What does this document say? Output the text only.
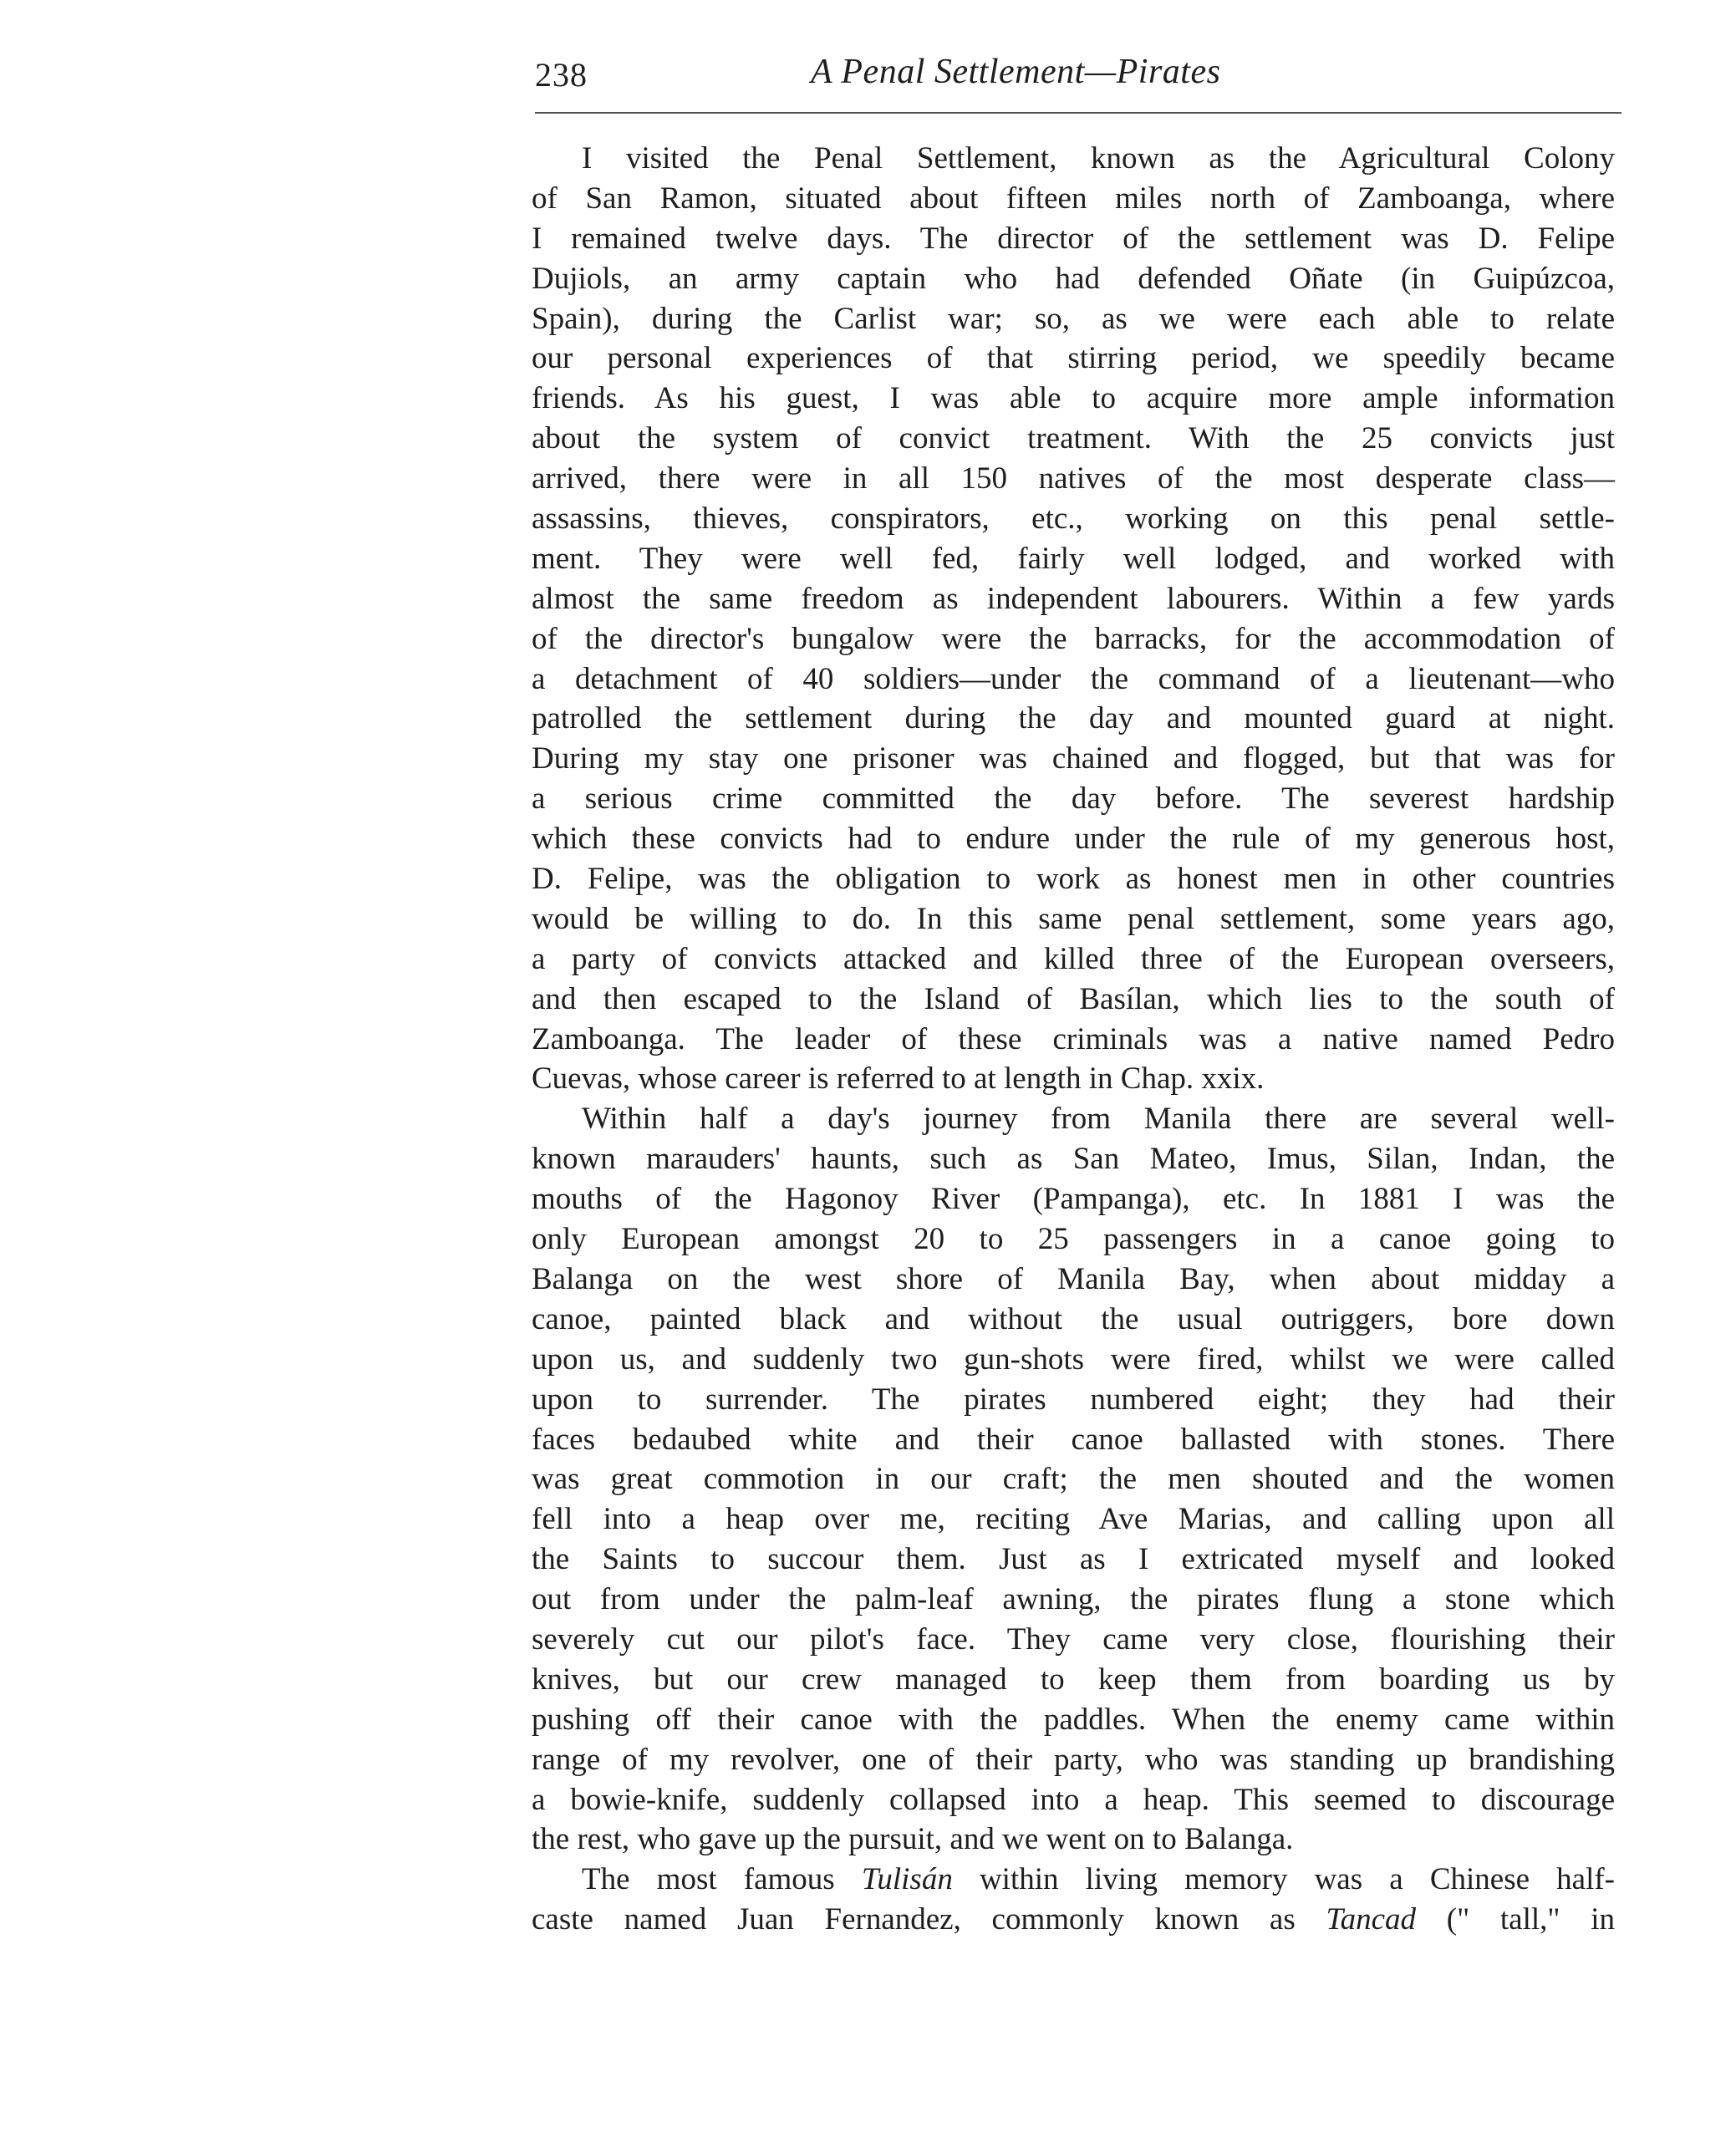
238	A Penal Settlement—Pirates

I visited the Penal Settlement, known as the Agricultural Colony
of San Ramon, situated about fifteen miles north of Zamboanga, where
I remained twelve days. The director of the settlement was D. Felipe
Dujiols, an army captain who had defended Oñate (in Guipúzcoa,
Spain), during the Carlist war; so, as we were each able to relate
our personal experiences of that stirring period, we speedily became
friends. As his guest, I was able to acquire more ample information
about the system of convict treatment. With the 25 convicts just
arrived, there were in all 150 natives of the most desperate class—
assassins, thieves, conspirators, etc., working on this penal settle-
ment. They were well fed, fairly well lodged, and worked with
almost the same freedom as independent labourers. Within a few yards
of the director's bungalow were the barracks, for the accommodation of
a detachment of 40 soldiers—under the command of a lieutenant—who
patrolled the settlement during the day and mounted guard at night.
During my stay one prisoner was chained and flogged, but that was for
a serious crime committed the day before. The severest hardship
which these convicts had to endure under the rule of my generous host,
D. Felipe, was the obligation to work as honest men in other countries
would be willing to do. In this same penal settlement, some years ago,
a party of convicts attacked and killed three of the European overseers,
and then escaped to the Island of Basílan, which lies to the south of
Zamboanga. The leader of these criminals was a native named Pedro
Cuevas, whose career is referred to at length in Chap. xxix.

Within half a day's journey from Manila there are several well-
known marauders' haunts, such as San Mateo, Imus, Silan, Indan, the
mouths of the Hagonoy River (Pampanga), etc. In 1881 I was the
only European amongst 20 to 25 passengers in a canoe going to
Balanga on the west shore of Manila Bay, when about midday a
canoe, painted black and without the usual outriggers, bore down
upon us, and suddenly two gun-shots were fired, whilst we were called
upon to surrender. The pirates numbered eight; they had their
faces bedaubed white and their canoe ballasted with stones. There
was great commotion in our craft; the men shouted and the women
fell into a heap over me, reciting Ave Marias, and calling upon all
the Saints to succour them. Just as I extricated myself and looked
out from under the palm-leaf awning, the pirates flung a stone which
severely cut our pilot's face. They came very close, flourishing their
knives, but our crew managed to keep them from boarding us by
pushing off their canoe with the paddles. When the enemy came within
range of my revolver, one of their party, who was standing up brandishing
a bowie-knife, suddenly collapsed into a heap. This seemed to discourage
the rest, who gave up the pursuit, and we went on to Balanga.

The most famous Tulisán within living memory was a Chinese half-
caste named Juan Fernandez, commonly known as Tancad (" tall," in
